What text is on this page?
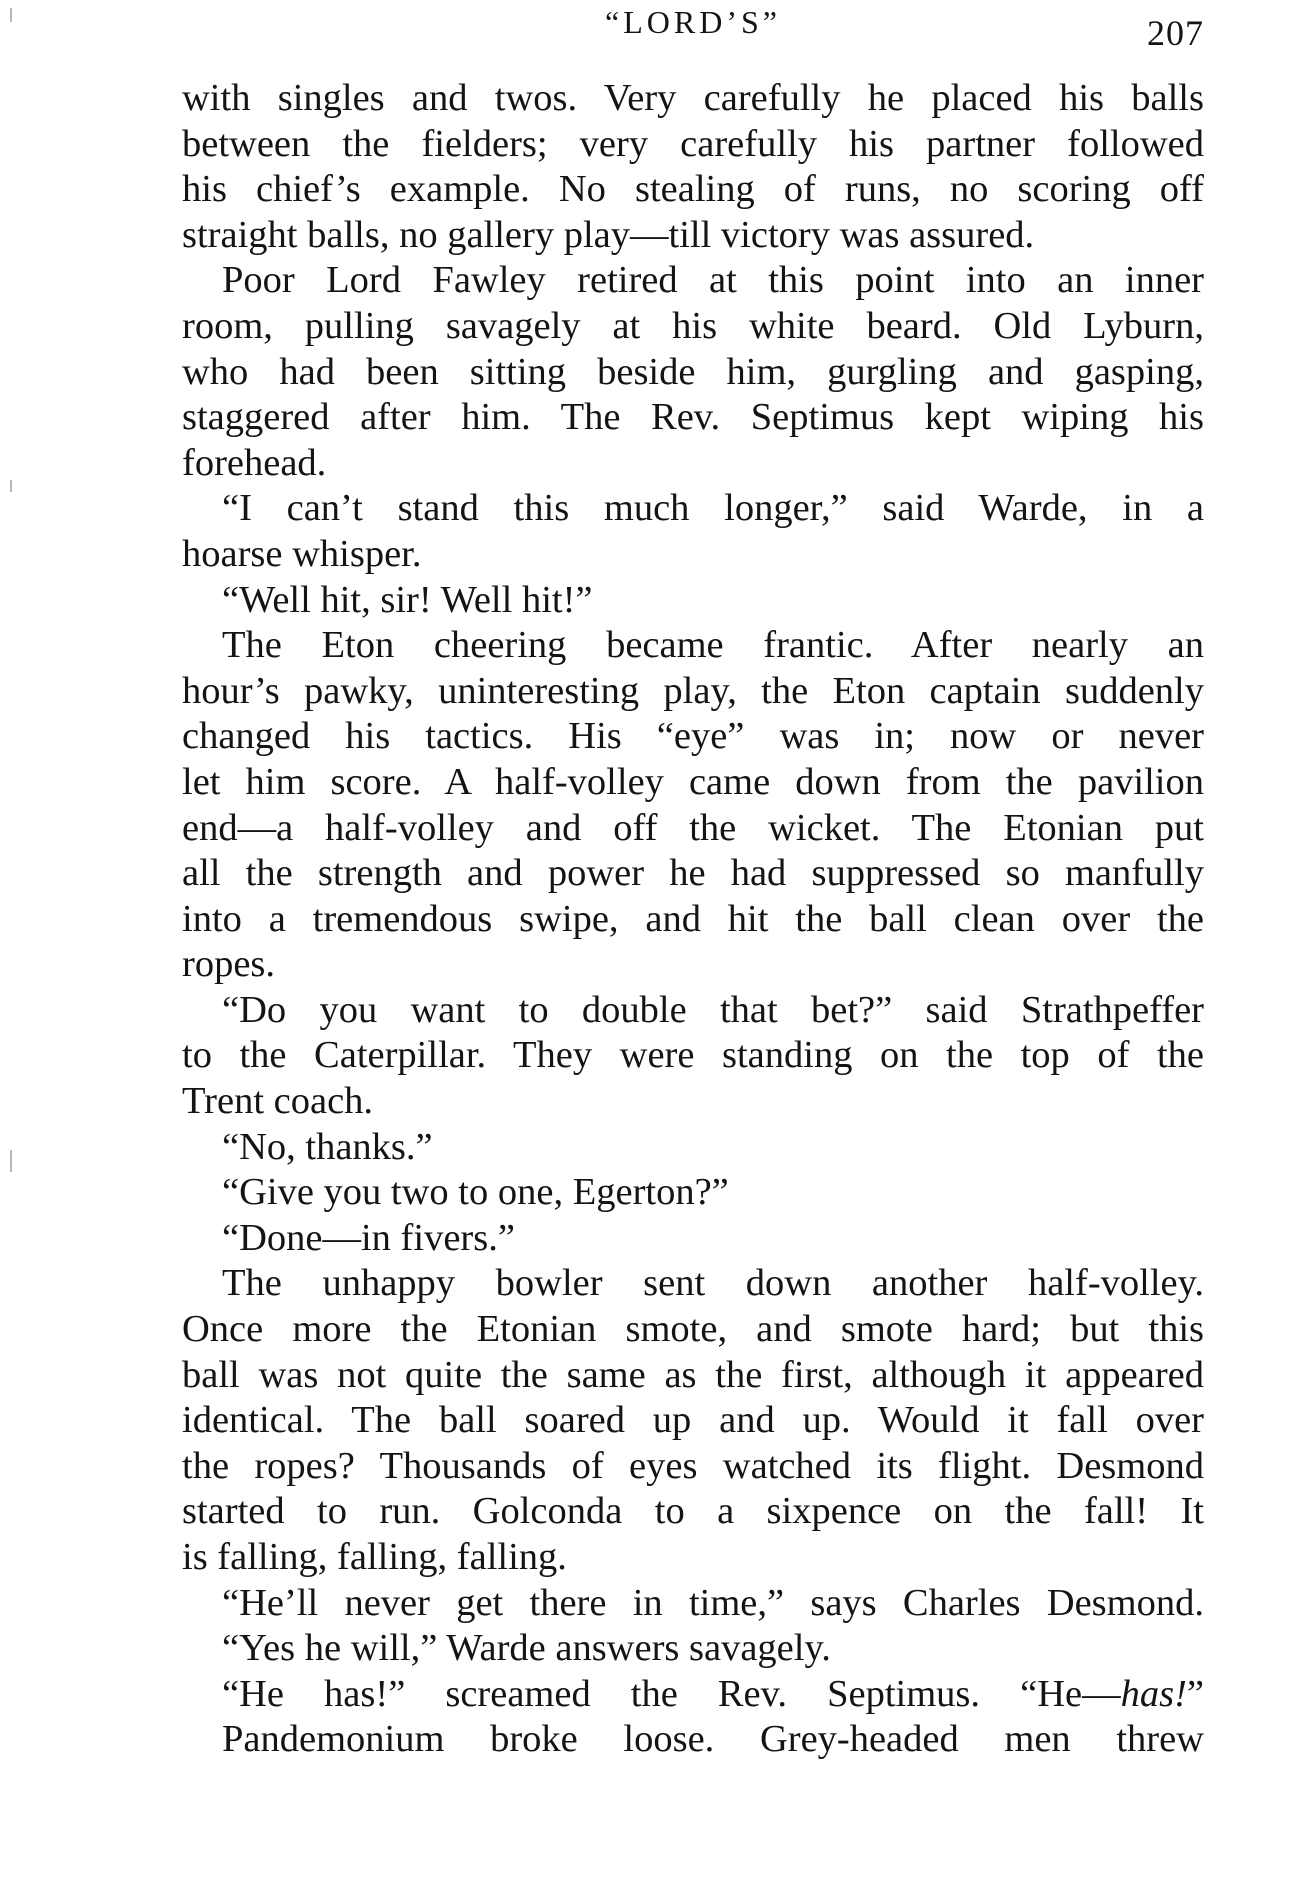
“LORD’S”	207
with singles and twos. Very carefully he placed his balls
between the fielders; very carefully his partner followed
his chief’s example. No stealing of runs, no scoring off
straight balls, no gallery play—till victory was assured.
Poor Lord Fawley retired at this point into an inner
room, pulling savagely at his white beard. Old Lyburn,
who had been sitting beside him, gurgling and gasping,
staggered after him. The Rev. Septimus kept wiping his
forehead.
“I can’t stand this much longer,” said Warde, in a
hoarse whisper.
“Well hit, sir! Well hit!”
The Eton cheering became frantic. After nearly an
hour’s pawky, uninteresting play, the Eton captain suddenly
changed his tactics. His “eye” was in; now or never
let him score. A half-volley came down from the pavilion
end—a half-volley and off the wicket. The Etonian put
all the strength and power he had suppressed so manfully
into a tremendous swipe, and hit the ball clean over the
ropes.
“Do you want to double that bet?” said Strathpeffer
to the Caterpillar. They were standing on the top of the
Trent coach.
“No, thanks.”
“Give you two to one, Egerton?”
“Done—in fivers.”
The unhappy bowler sent down another half-volley.
Once more the Etonian smote, and smote hard; but this
ball was not quite the same as the first, although it appeared
identical. The ball soared up and up. Would it fall over
the ropes? Thousands of eyes watched its flight. Desmond
started to run. Golconda to a sixpence on the fall! It
is falling, falling, falling.
“He’ll never get there in time,” says Charles Desmond.
“Yes he will,” Warde answers savagely.
“He has!” screamed the Rev. Septimus. “He—has!”
Pandemonium broke loose. Grey-headed men threw
